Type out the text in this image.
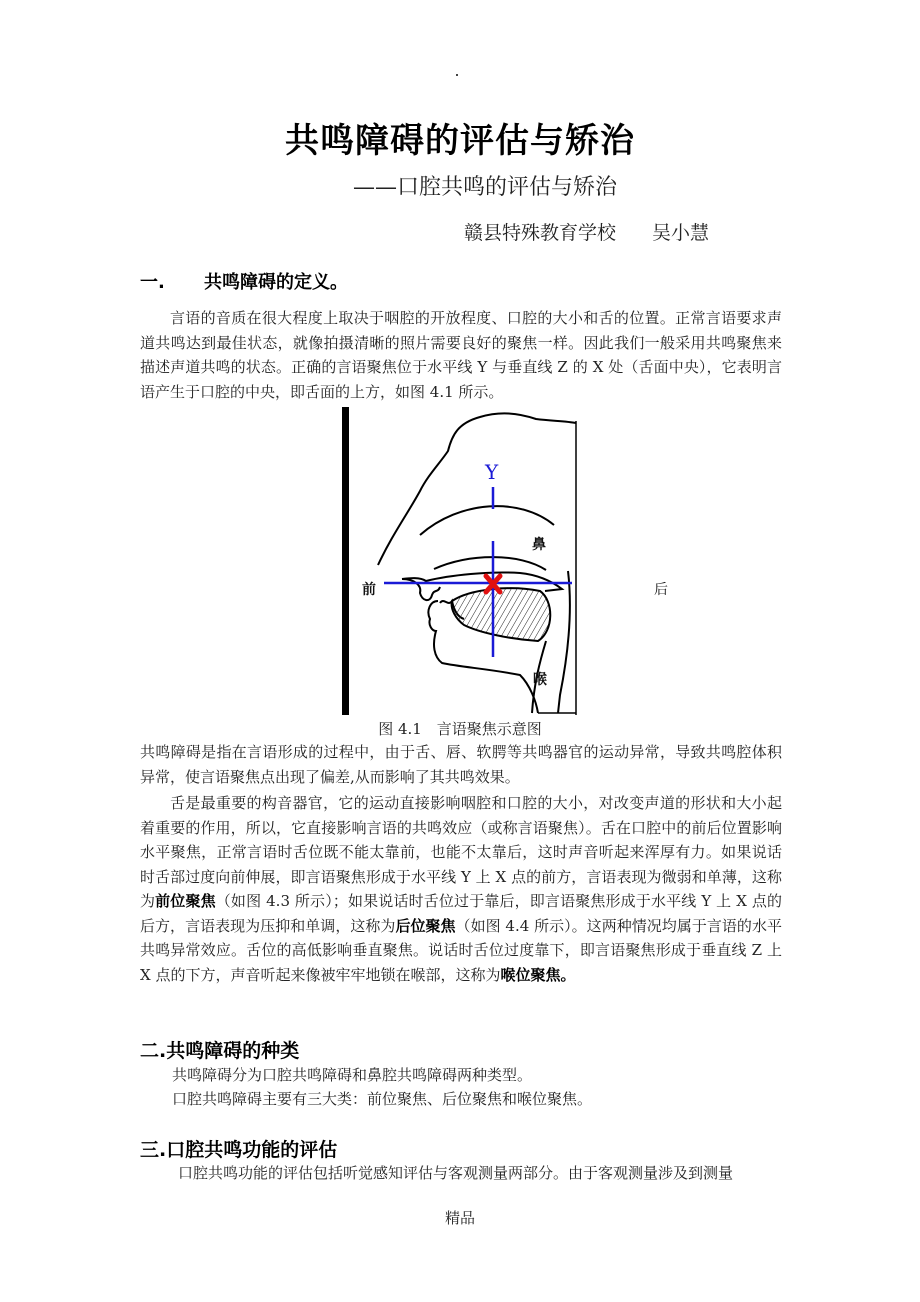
共鸣障碍的评估与矫治
——口腔共鸣的评估与矫治
赣县特殊教育学校 吴小慧
一. 共鸣障碍的定义。
言语的音质在很大程度上取决于咽腔的开放程度、口腔的大小和舌的位置。正常言语要求声道共鸣达到最佳状态，就像拍摄清晰的照片需要良好的聚焦一样。因此我们一般采用共鸣聚焦来描述声道共鸣的状态。正确的言语聚焦位于水平线 Y 与垂直线 Z 的 X 处（舌面中央），它表明言语产生于口腔的中央，即舌面的上方，如图 4.1 所示。
Y
前	后
鼻
喉
图 4.1　言语聚焦示意图
共鸣障碍是指在言语形成的过程中，由于舌、唇、软腭等共鸣器官的运动异常，导致共鸣腔体积异常，使言语聚焦点出现了偏差,从而影响了其共鸣效果。
舌是最重要的构音器官，它的运动直接影响咽腔和口腔的大小，对改变声道的形状和大小起着重要的作用，所以，它直接影响言语的共鸣效应（或称言语聚焦）。舌在口腔中的前后位置影响水平聚焦，正常言语时舌位既不能太靠前，也能不太靠后，这时声音听起来浑厚有力。如果说话时舌部过度向前伸展，即言语聚焦形成于水平线 Y 上 X 点的前方，言语表现为微弱和单薄，这称为前位聚焦（如图 4.3 所示）；如果说话时舌位过于靠后，即言语聚焦形成于水平线 Y 上 X 点的后方，言语表现为压抑和单调，这称为后位聚焦（如图 4.4 所示）。这两种情况均属于言语的水平共鸣异常效应。舌位的高低影响垂直聚焦。说话时舌位过度靠下，即言语聚焦形成于垂直线 Z 上 X 点的下方，声音听起来像被牢牢地锁在喉部，这称为喉位聚焦。
二.共鸣障碍的种类
共鸣障碍分为口腔共鸣障碍和鼻腔共鸣障碍两种类型。
口腔共鸣障碍主要有三大类：前位聚焦、后位聚焦和喉位聚焦。
三.口腔共鸣功能的评估
口腔共鸣功能的评估包括听觉感知评估与客观测量两部分。由于客观测量涉及到测量
精品
